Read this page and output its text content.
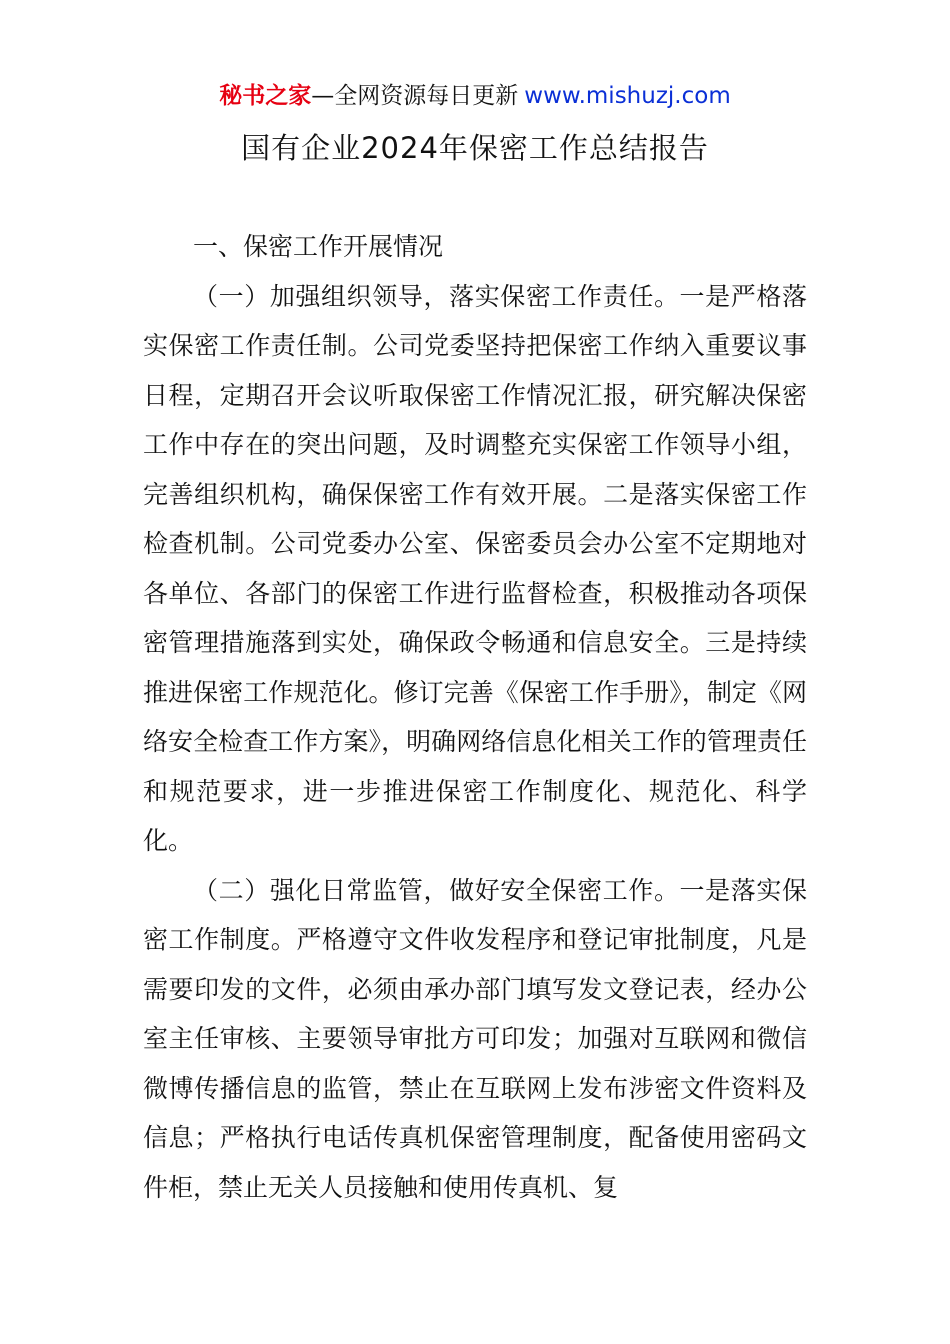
秘书之家—全网资源每日更新 www.mishuzj.com
国有企业2024年保密工作总结报告

一、保密工作开展情况

（一）加强组织领导，落实保密工作责任。一是严格落实保密工作责任制。公司党委坚持把保密工作纳入重要议事日程，定期召开会议听取保密工作情况汇报，研究解决保密工作中存在的突出问题，及时调整充实保密工作领导小组，完善组织机构，确保保密工作有效开展。二是落实保密工作检查机制。公司党委办公室、保密委员会办公室不定期地对各单位、各部门的保密工作进行监督检查，积极推动各项保密管理措施落到实处，确保政令畅通和信息安全。三是持续推进保密工作规范化。修订完善《保密工作手册》，制定《网络安全检查工作方案》，明确网络信息化相关工作的管理责任和规范要求，进一步推进保密工作制度化、规范化、科学化。

（二）强化日常监管，做好安全保密工作。一是落实保密工作制度。严格遵守文件收发程序和登记审批制度，凡是需要印发的文件，必须由承办部门填写发文登记表，经办公室主任审核、主要领导审批方可印发；加强对互联网和微信微博传播信息的监管，禁止在互联网上发布涉密文件资料及信息；严格执行电话传真机保密管理制度，配备使用密码文件柜，禁止无关人员接触和使用传真机、复
